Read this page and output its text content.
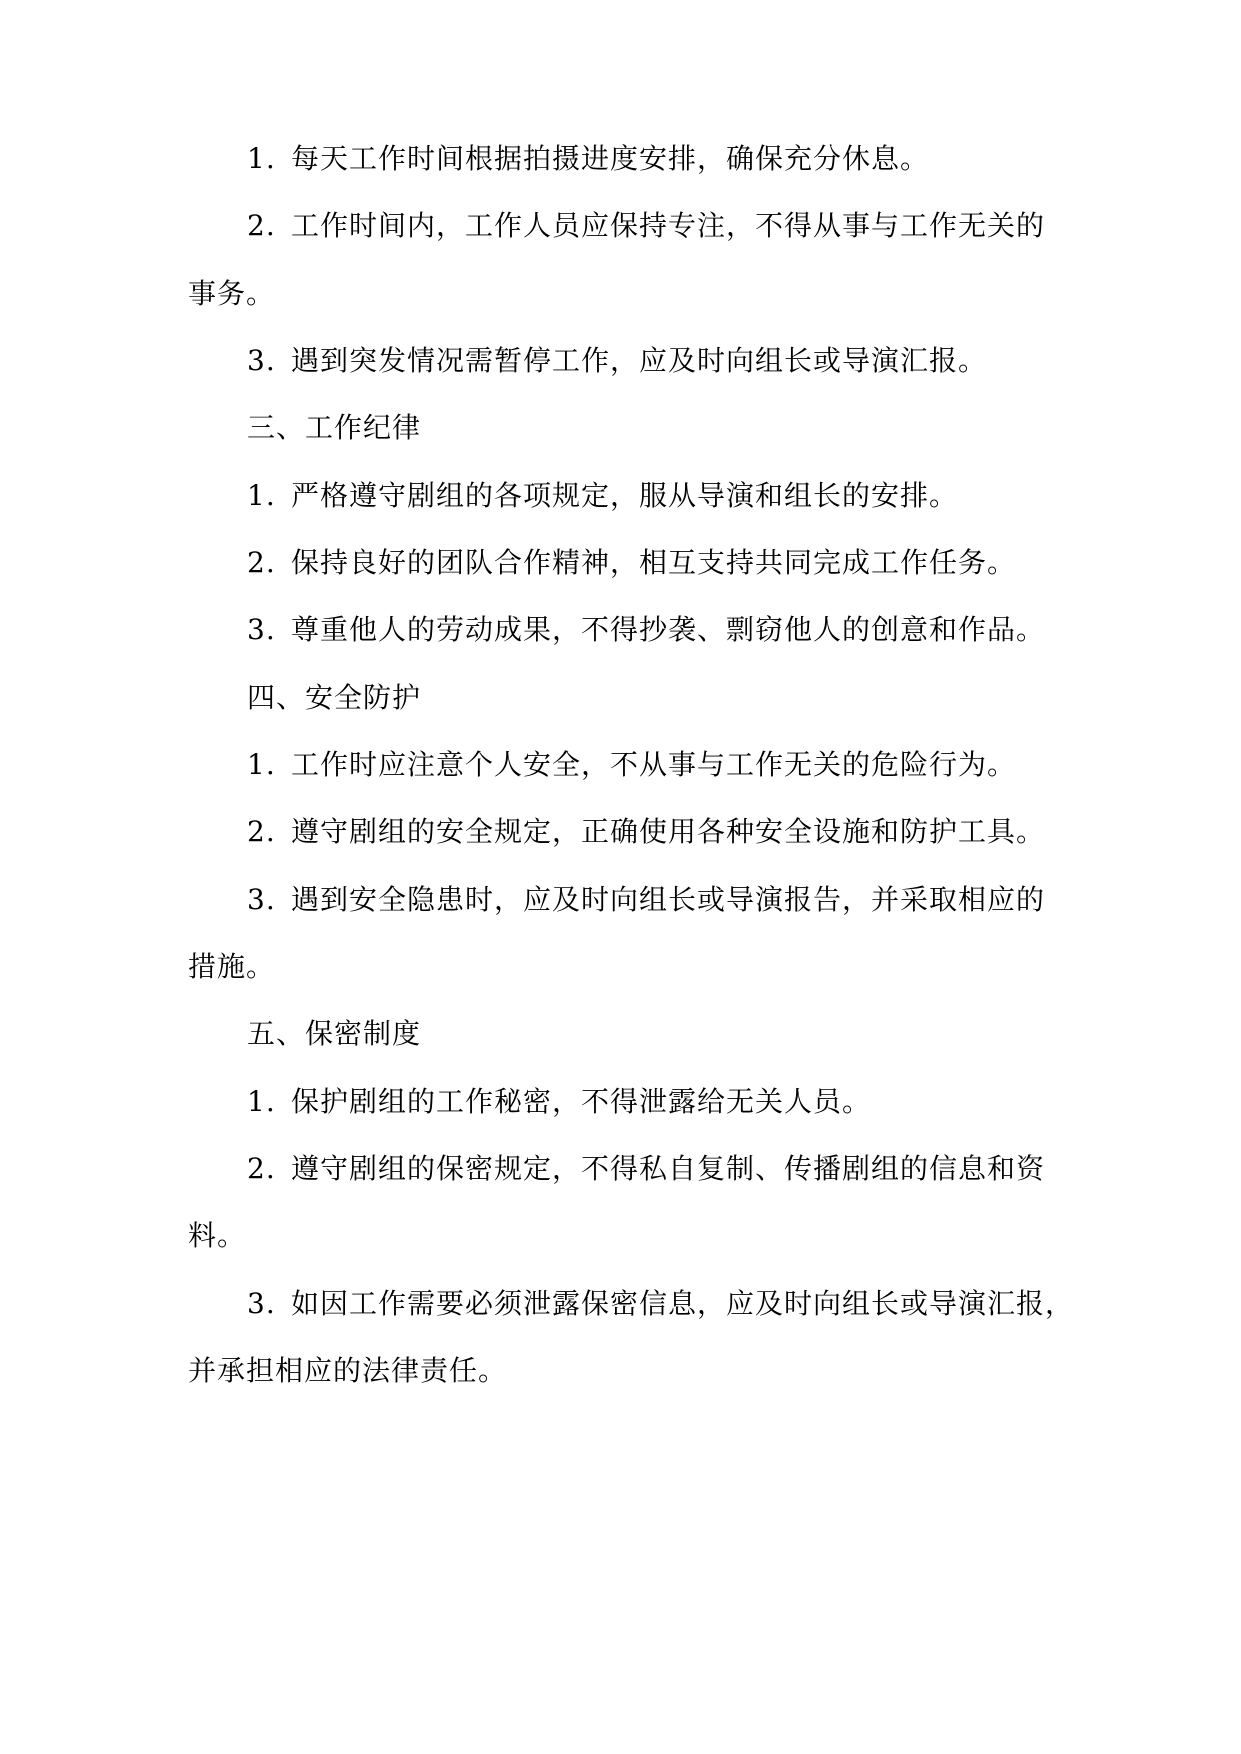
1. 每天工作时间根据拍摄进度安排，确保充分休息。
2. 工作时间内，工作人员应保持专注，不得从事与工作无关的
事务。
3. 遇到突发情况需暂停工作，应及时向组长或导演汇报。
三、工作纪律
1. 严格遵守剧组的各项规定，服从导演和组长的安排。
2. 保持良好的团队合作精神，相互支持共同完成工作任务。
3. 尊重他人的劳动成果，不得抄袭、剽窃他人的创意和作品。
四、安全防护
1. 工作时应注意个人安全，不从事与工作无关的危险行为。
2. 遵守剧组的安全规定，正确使用各种安全设施和防护工具。
3. 遇到安全隐患时，应及时向组长或导演报告，并采取相应的
措施。
五、保密制度
1. 保护剧组的工作秘密，不得泄露给无关人员。
2. 遵守剧组的保密规定，不得私自复制、传播剧组的信息和资
料。
3. 如因工作需要必须泄露保密信息，应及时向组长或导演汇报，
并承担相应的法律责任。
